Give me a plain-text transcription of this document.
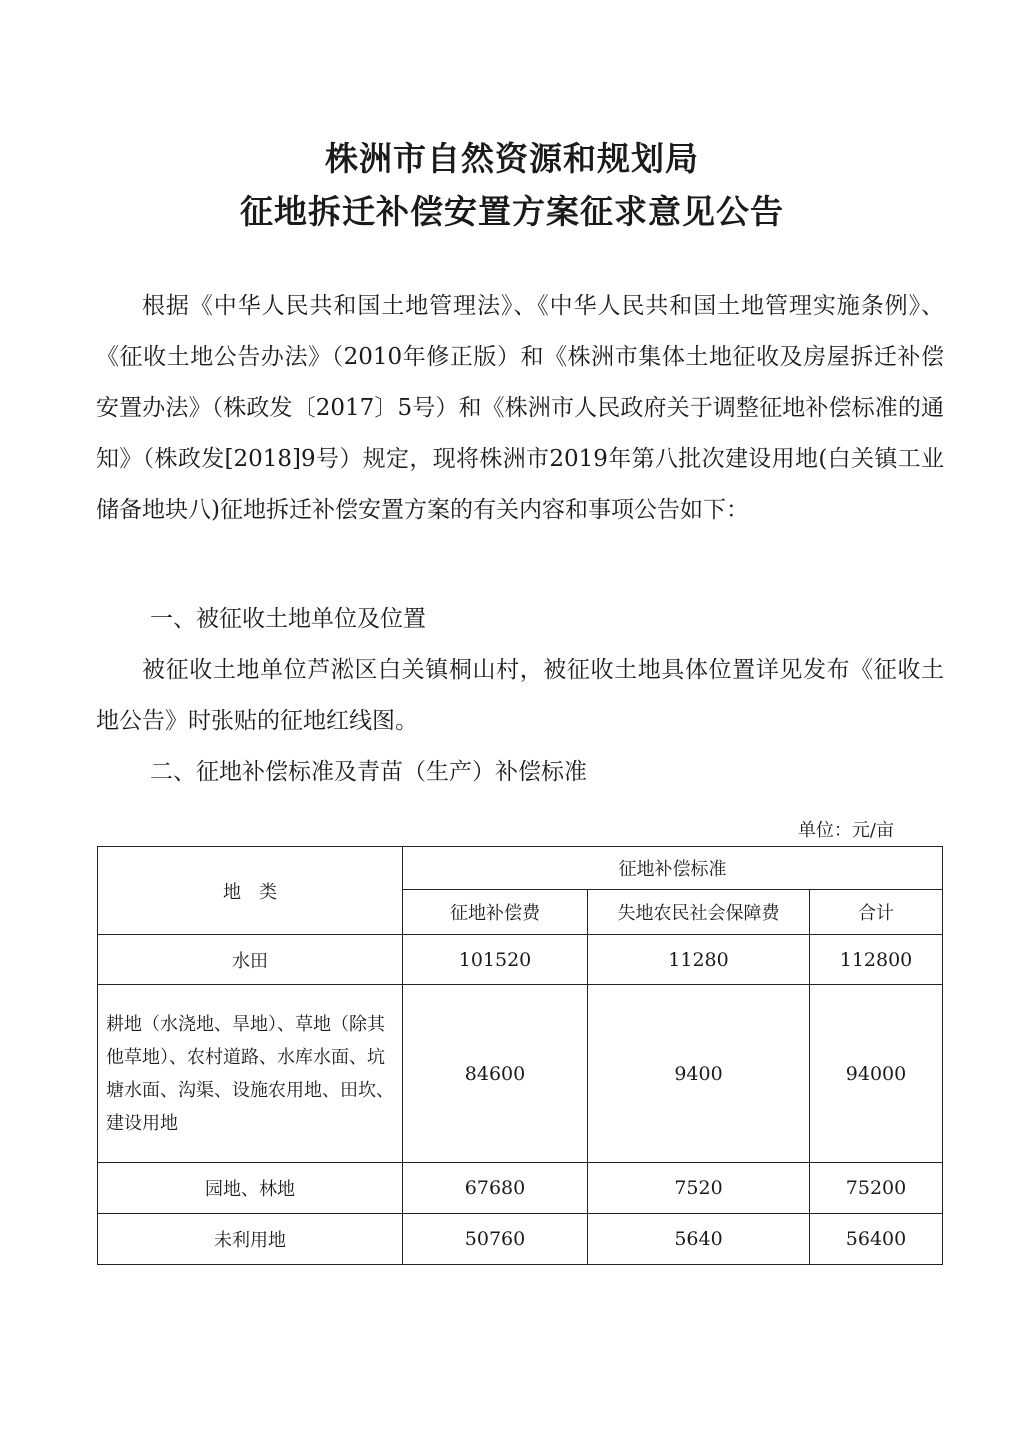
株洲市自然资源和规划局
征地拆迁补偿安置方案征求意见公告
根据《中华人民共和国土地管理法》、《中华人民共和国土地管理实施条例》、《征收土地公告办法》（2010年修正版）和《株洲市集体土地征收及房屋拆迁补偿安置办法》（株政发〔2017〕5号）和《株洲市人民政府关于调整征地补偿标准的通知》（株政发[2018]9号）规定，现将株洲市2019年第八批次建设用地(白关镇工业储备地块八)征地拆迁补偿安置方案的有关内容和事项公告如下：
一、被征收土地单位及位置
被征收土地单位芦淞区白关镇桐山村，被征收土地具体位置详见发布《征收土地公告》时张贴的征地红线图。
二、征地补偿标准及青苗（生产）补偿标准
单位：元/亩
地　类	征地补偿标准		
	征地补偿费	失地农民社会保障费	合计
水田	101520	11280	112800
耕地（水浇地、旱地）、草地（除其他草地）、农村道路、水库水面、坑塘水面、沟渠、设施农用地、田坎、建设用地	84600	9400	94000
园地、林地	67680	7520	75200
未利用地	50760	5640	56400
